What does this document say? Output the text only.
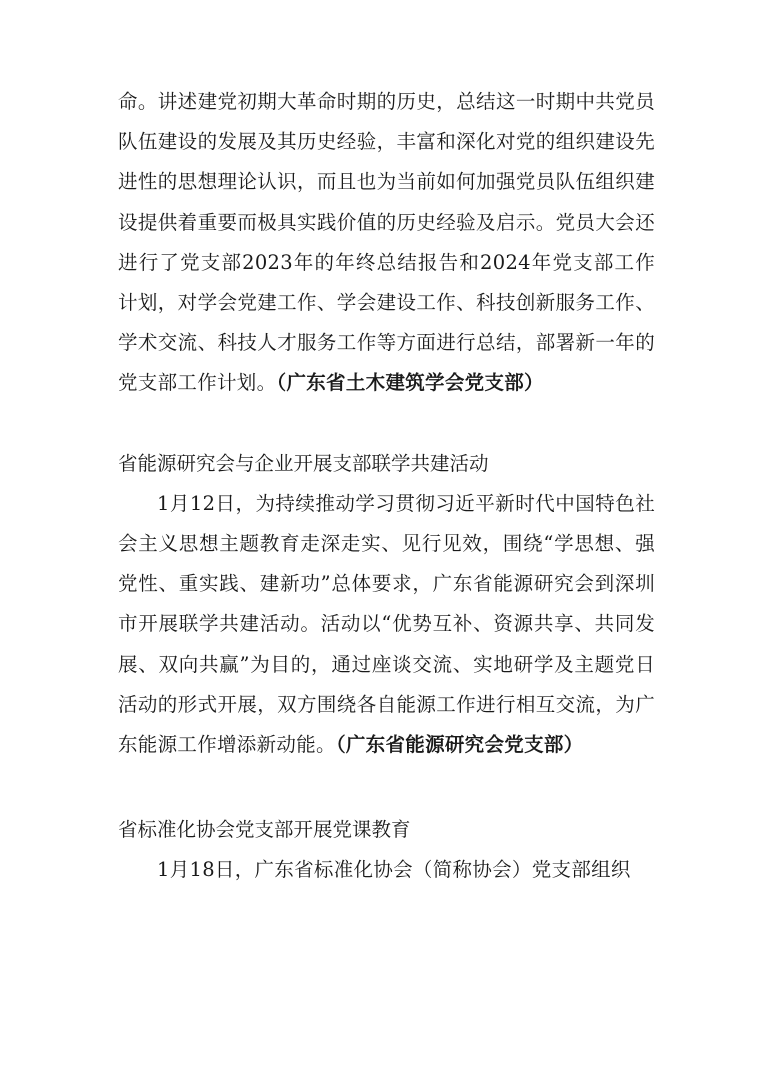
命。讲述建党初期大革命时期的历史，总结这一时期中共党员队伍建设的发展及其历史经验，丰富和深化对党的组织建设先进性的思想理论认识，而且也为当前如何加强党员队伍组织建设提供着重要而极具实践价值的历史经验及启示。党员大会还进行了党支部2023年的年终总结报告和2024年党支部工作计划，对学会党建工作、学会建设工作、科技创新服务工作、学术交流、科技人才服务工作等方面进行总结，部署新一年的党支部工作计划。（广东省土木建筑学会党支部）

省能源研究会与企业开展支部联学共建活动

1月12日，为持续推动学习贯彻习近平新时代中国特色社会主义思想主题教育走深走实、见行见效，围绕“学思想、强党性、重实践、建新功”总体要求，广东省能源研究会到深圳市开展联学共建活动。活动以“优势互补、资源共享、共同发展、双向共赢”为目的，通过座谈交流、实地研学及主题党日活动的形式开展，双方围绕各自能源工作进行相互交流，为广东能源工作增添新动能。（广东省能源研究会党支部）

省标准化协会党支部开展党课教育

1月18日，广东省标准化协会（简称协会）党支部组织
